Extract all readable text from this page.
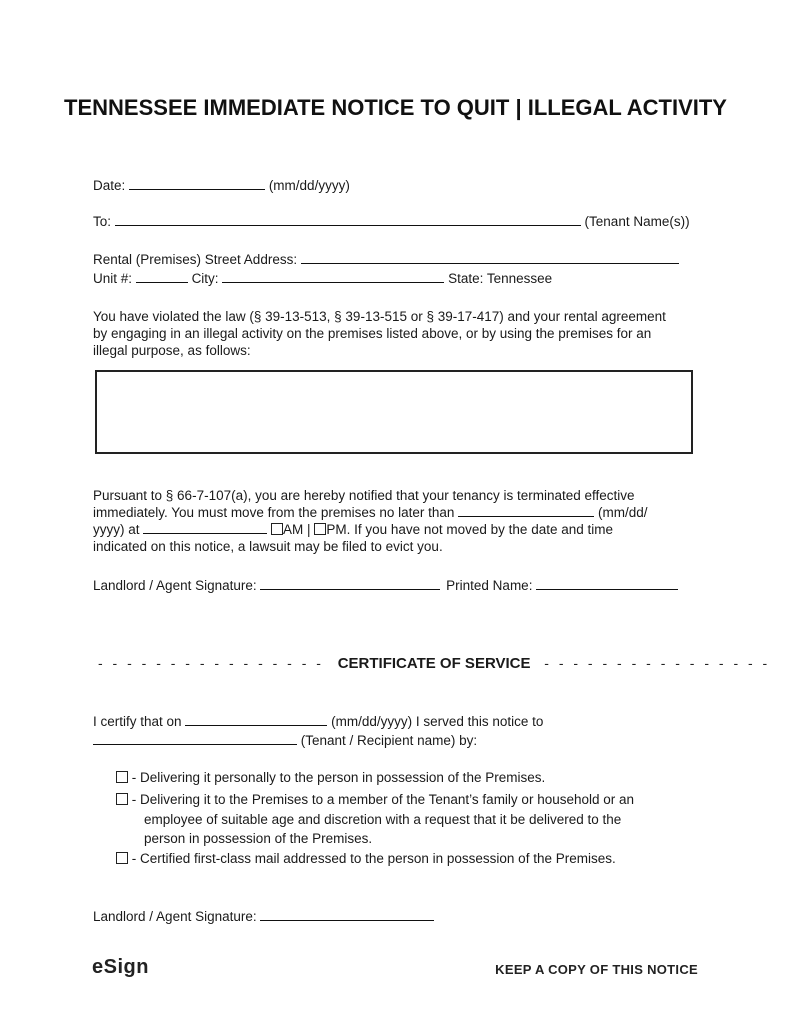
TENNESSEE IMMEDIATE NOTICE TO QUIT | ILLEGAL ACTIVITY
Date:	(mm/dd/yyyy)
To:	(Tenant Name(s))
Rental (Premises) Street Address:
Unit #:	City:	State: Tennessee
You have violated the law (§ 39-13-513, § 39-13-515 or § 39-17-417) and your rental agreement by engaging in an illegal activity on the premises listed above, or by using the premises for an illegal purpose, as follows:
Pursuant to § 66-7-107(a), you are hereby notified that your tenancy is terminated effective
immediately. You must move from the premises no later than	(mm/dd/
yyyy) at	AM | PM. If you have not moved by the date and time
indicated on this notice, a lawsuit may be filed to evict you.
Landlord / Agent Signature:	Printed Name:
- - - - - - - - - - - - - - - - CERTIFICATE OF SERVICE - - - - - - - - - - - - - - - -
I certify that on	(mm/dd/yyyy) I served this notice to
(Tenant / Recipient name) by:
- Delivering it personally to the person in possession of the Premises.
- Delivering it to the Premises to a member of the Tenant’s family or household or an
employee of suitable age and discretion with a request that it be delivered to the
person in possession of the Premises.
- Certified first-class mail addressed to the person in possession of the Premises.
Landlord / Agent Signature:
eSign	KEEP A COPY OF THIS NOTICE
